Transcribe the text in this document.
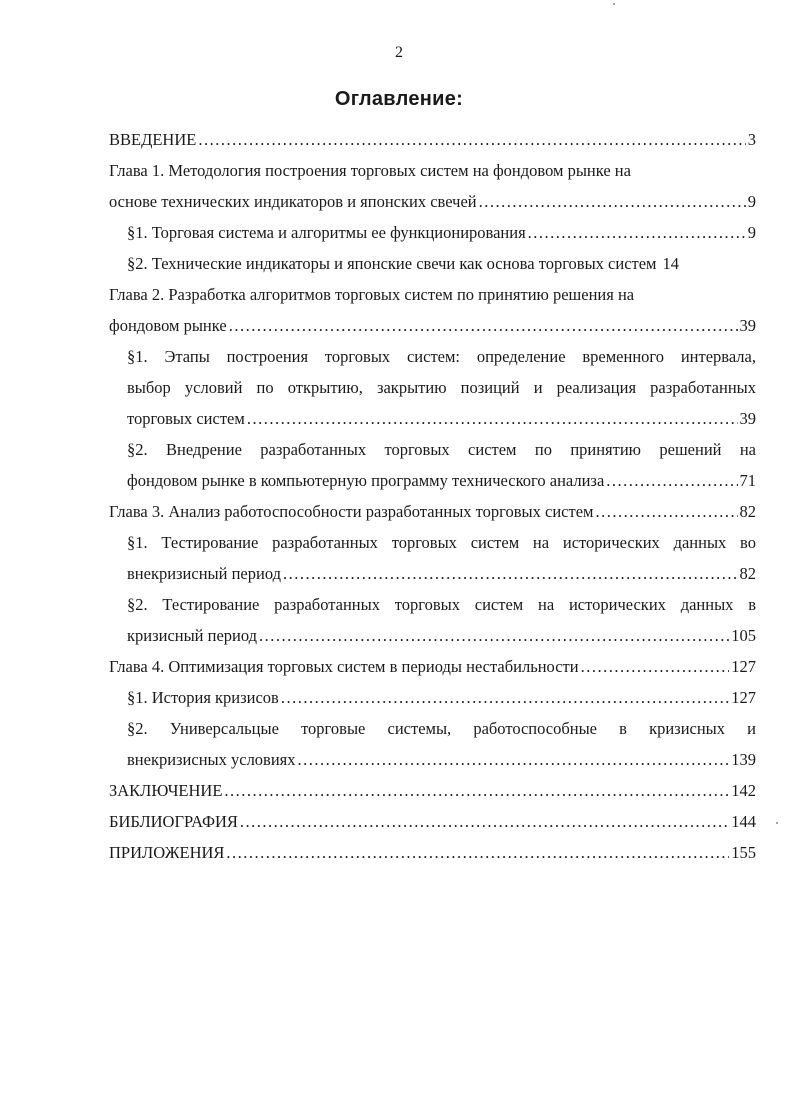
2
Оглавление:
ВВЕДЕНИЕ .....	3
Глава 1. Методология построения торговых систем на фондовом рынке на
основе технических индикаторов и японских свечей .....	9
§1. Торговая система и алгоритмы ее функционирования .....	9
§2. Технические индикаторы и японские свечи как основа торговых систем 14
Глава 2. Разработка алгоритмов торговых систем по принятию решения на
фондовом рынке .....	39
§1. Этапы построения торговых систем: определение временного интервала,
выбор условий по открытию, закрытию позиций и реализация разработанных
торговых систем .....	39
§2. Внедрение разработанных торговых систем по принятию решений на
фондовом рынке в компьютерную программу технического анализа .....	71
Глава 3. Анализ работоспособности разработанных торговых систем .....	82
§1. Тестирование разработанных торговых систем на исторических данных во
внекризисный период .....	82
§2. Тестирование разработанных торговых систем на исторических данных в
кризисный период .....	105
Глава 4. Оптимизация торговых систем в периоды нестабильности .....	127
§1. История кризисов .....	127
§2. Универсальцые торговые системы, работоспособные в кризисных и
внекризисных условиях .....	139
ЗАКЛЮЧЕНИЕ .....	142
БИБЛИОГРАФИЯ .....	144
ПРИЛОЖЕНИЯ .....	155
